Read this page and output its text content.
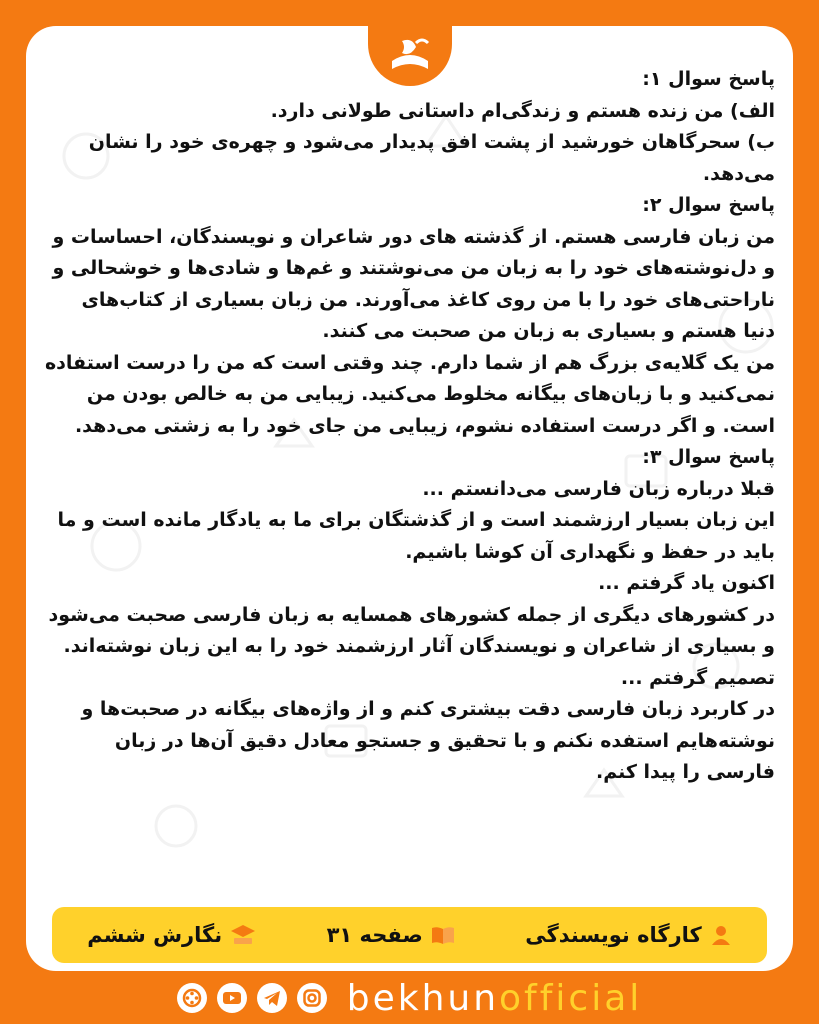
پاسخ سوال ۱:

الف) من زنده هستم و زندگی‌ام داستانی طولانی دارد.

ب) سحرگاهان خورشید از پشت افق پدیدار می‌شود و چهره‌ی خود را نشان می‌دهد.

پاسخ سوال ۲:

من زبان فارسی هستم. از گذشته های دور شاعران و نویسندگان، احساسات و و دل‌نوشته‌های خود را به زبان من می‌نوشتند و غم‌ها و شادی‌ها و خوشحالی و ناراحتی‌های خود را با من روی کاغذ می‌آورند. من زبان بسیاری از کتاب‌های دنیا هستم و بسیاری به زبان من صحبت می کنند.

من یک گلایه‌ی بزرگ هم از شما دارم. چند وقتی است که من را درست استفاده نمی‌کنید و با زبان‌های بیگانه مخلوط می‌کنید. زیبایی من به خالص بودن من است. و اگر درست استفاده نشوم، زیبایی من جای خود را به زشتی می‌دهد.

پاسخ سوال ۳:

قبلا درباره زبان فارسی می‌دانستم ...

این زبان بسیار ارزشمند است و از گذشتگان برای ما به یادگار مانده است و ما باید در حفظ و نگهداری آن کوشا باشیم.

اکنون یاد گرفتم ...

در کشورهای دیگری از جمله کشورهای همسایه به زبان فارسی صحبت می‌شود و بسیاری از شاعران و نویسندگان آثار ارزشمند خود را به این زبان نوشته‌اند.

تصمیم گرفتم ...

در کاربرد زبان فارسی دقت بیشتری کنم و از واژه‌های بیگانه در صحبت‌ها و نوشته‌هایم استفده نکنم و با تحقیق و جستجو معادل دقیق آن‌ها در زبان فارسی را پیدا کنم.

کارگاه نویسندگی
صفحه ۳۱
نگارش ششم
bekhunofficial
